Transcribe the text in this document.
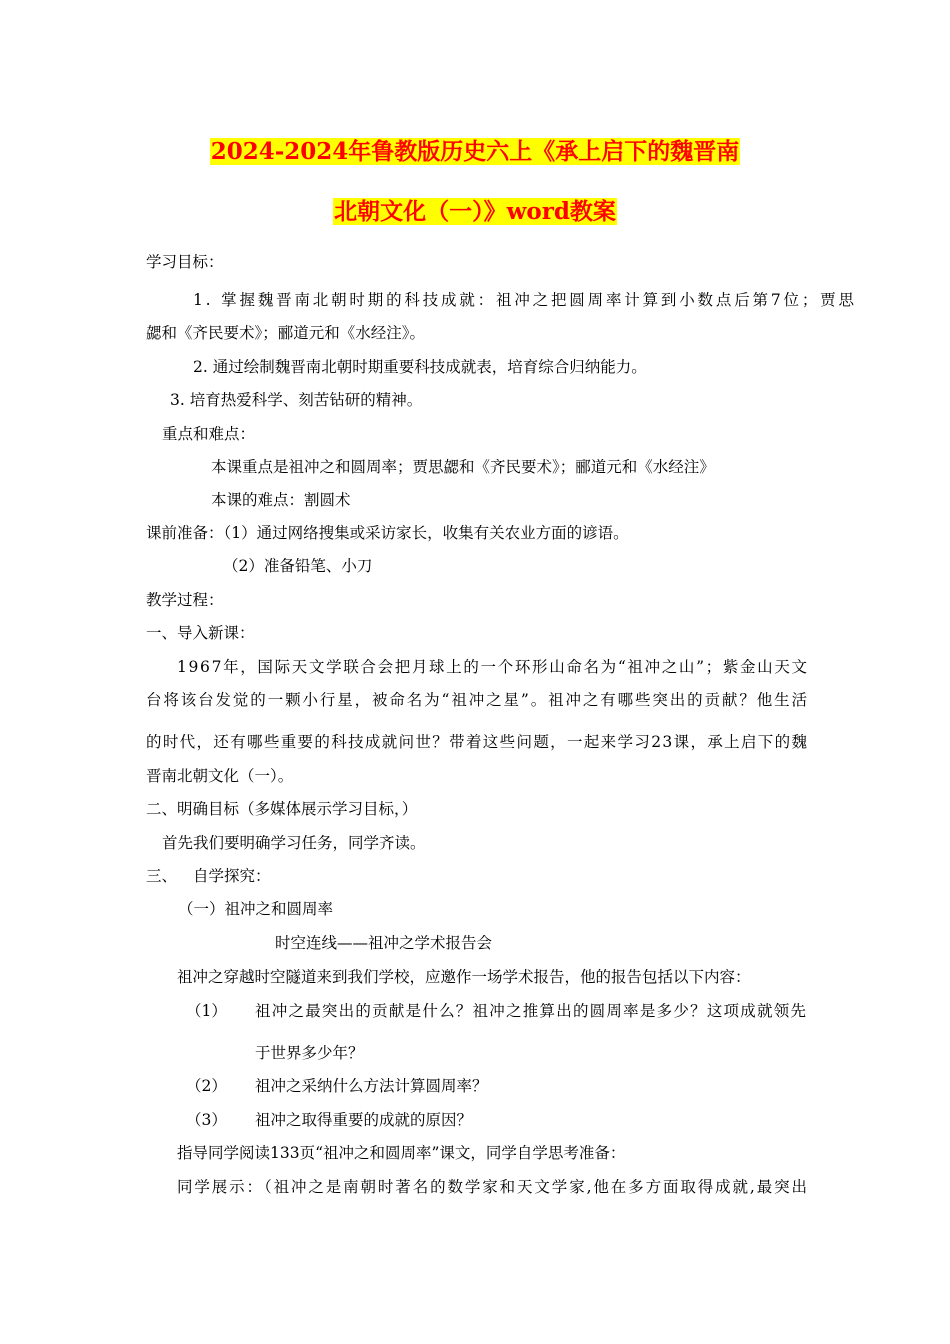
2024-2024年鲁教版历史六上《承上启下的魏晋南
北朝文化（一）》word教案
学习目标：
1. 掌握魏晋南北朝时期的科技成就：祖冲之把圆周率计算到小数点后第7位；贾思
勰和《齐民要术》；郦道元和《水经注》。
2. 通过绘制魏晋南北朝时期重要科技成就表，培育综合归纳能力。
3. 培育热爱科学、刻苦钻研的精神。
重点和难点：
本课重点是祖冲之和圆周率；贾思勰和《齐民要术》；郦道元和《水经注》
本课的难点：割圆术
课前准备：（1）通过网络搜集或采访家长，收集有关农业方面的谚语。
（2）准备铅笔、小刀
教学过程：
一、导入新课：
1967年，国际天文学联合会把月球上的一个环形山命名为“祖冲之山”；紫金山天文
台将该台发觉的一颗小行星，被命名为“祖冲之星”。祖冲之有哪些突出的贡献？他生活
的时代，还有哪些重要的科技成就问世？带着这些问题，一起来学习23课，承上启下的魏
晋南北朝文化（一）。
二、明确目标（多媒体展示学习目标，）
首先我们要明确学习任务，同学齐读。
三、 自学探究：
（一）祖冲之和圆周率
时空连线——祖冲之学术报告会
祖冲之穿越时空隧道来到我们学校，应邀作一场学术报告，他的报告包括以下内容：
（1） 祖冲之最突出的贡献是什么？祖冲之推算出的圆周率是多少？这项成就领先
于世界多少年？
（2） 祖冲之采纳什么方法计算圆周率？
（3） 祖冲之取得重要的成就的原因？
指导同学阅读133页“祖冲之和圆周率”课文，同学自学思考准备：
同学展示：（祖冲之是南朝时著名的数学家和天文学家,他在多方面取得成就,最突出
